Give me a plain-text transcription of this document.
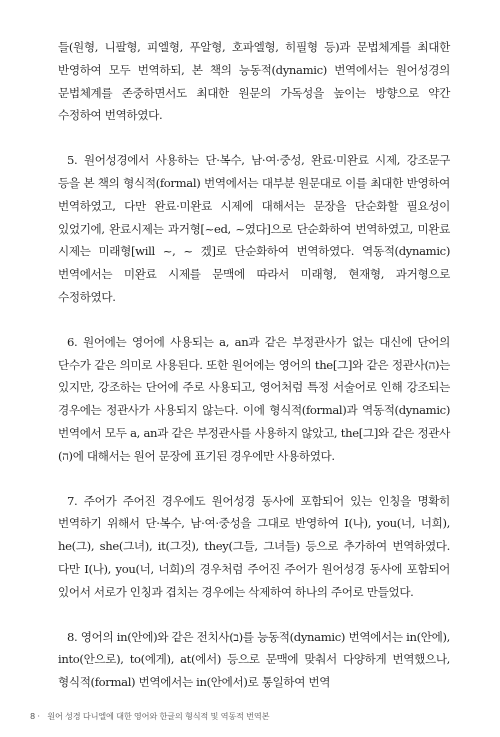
들(원형, 니팔형, 피엘형, 푸알형, 호파엘형, 히필형 등)과 문법체계를 최대한 반영하여 모두 번역하되, 본 책의 능동적(dynamic) 번역에서는 원어성경의 문법체계를 존중하면서도 최대한 원문의 가독성을 높이는 방향으로 약간 수정하여 번역하였다.

5. 원어성경에서 사용하는 단·복수, 남·여·중성, 완료·미완료 시제, 강조문구 등을 본 책의 형식적(formal) 번역에서는 대부분 원문대로 이를 최대한 반영하여 번역하였고, 다만 완료·미완료 시제에 대해서는 문장을 단순화할 필요성이 있었기에, 완료시제는 과거형[~ed, ~였다]으로 단순화하여 번역하였고, 미완료 시제는 미래형[will ~, ~ 겠]로 단순화하여 번역하였다. 역동적(dynamic) 번역에서는 미완료 시제를 문맥에 따라서 미래형, 현재형, 과거형으로 수정하였다.

6. 원어에는 영어에 사용되는 a, an과 같은 부정관사가 없는 대신에 단어의 단수가 같은 의미로 사용된다. 또한 원어에는 영어의 the[그]와 같은 정관사(ה)는 있지만, 강조하는 단어에 주로 사용되고, 영어처럼 특정 서술어로 인해 강조되는 경우에는 정관사가 사용되지 않는다. 이에 형식적(formal)과 역동적(dynamic) 번역에서 모두 a, an과 같은 부정관사를 사용하지 않았고, the[그]와 같은 정관사(ה)에 대해서는 원어 문장에 표기된 경우에만 사용하였다.

7. 주어가 주어진 경우에도 원어성경 동사에 포함되어 있는 인칭을 명확히 번역하기 위해서 단·복수, 남·여·중성을 그대로 반영하여 I(나), you(너, 너희), he(그), she(그녀), it(그것), they(그들, 그녀들) 등으로 추가하여 번역하였다. 다만 I(나), you(너, 너희)의 경우처럼 주어진 주어가 원어성경 동사에 포함되어 있어서 서로가 인칭과 겹치는 경우에는 삭제하여 하나의 주어로 만들었다.

8. 영어의 in(안에)와 같은 전치사(ב)를 능동적(dynamic) 번역에서는 in(안에), into(안으로), to(에게), at(에서) 등으로 문맥에 맞춰서 다양하게 번역했으나, 형식적(formal) 번역에서는 in(안에서)로 통일하여 번역

8 · 원어 성경 다니엘에 대한 영어와 한글의 형식적 및 역동적 번역본
